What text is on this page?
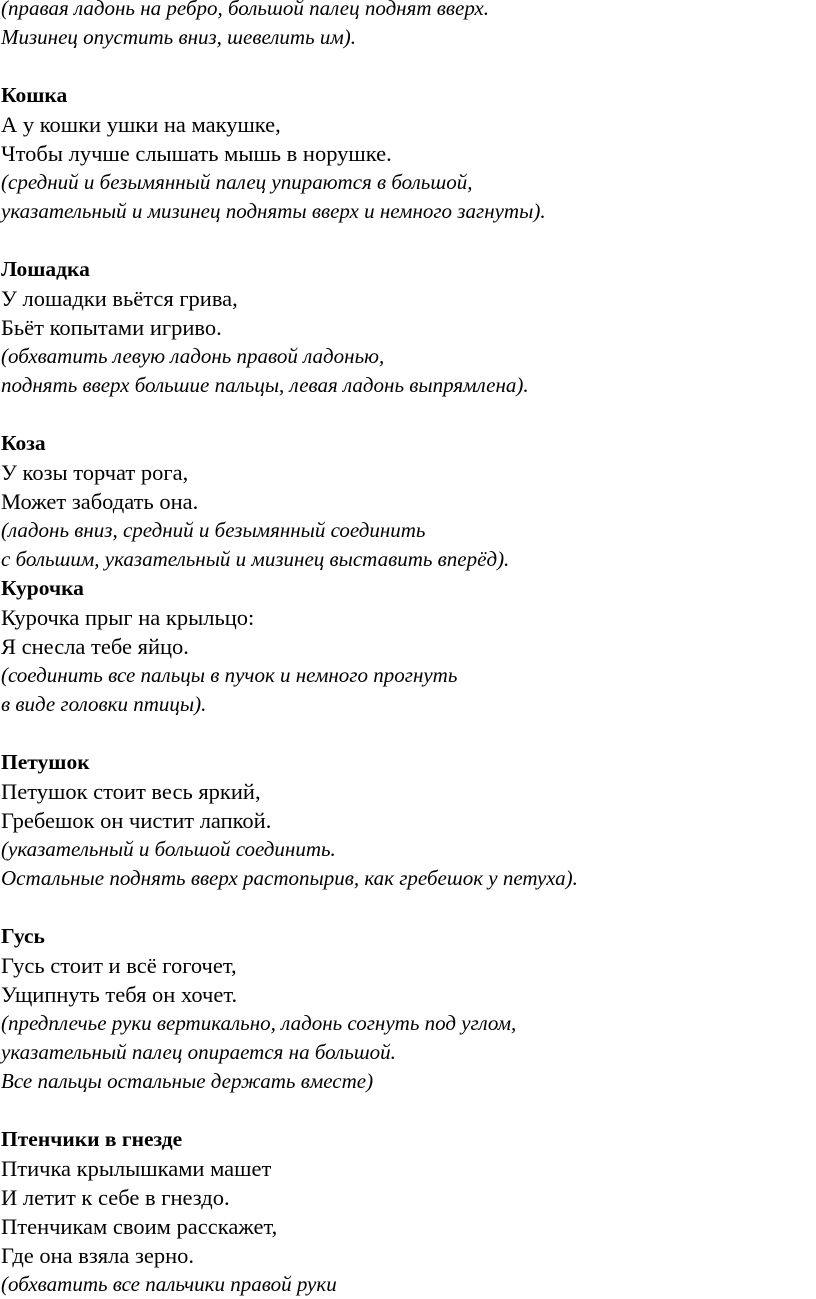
(правая ладонь на ребро, большой палец поднят вверх.
Мизинец опустить вниз, шевелить им).
Кошка
А у кошки ушки на макушке,
Чтобы лучше слышать мышь в норушке.
(средний и безымянный палец упираются в большой,
указательный и мизинец подняты вверх и немного загнуты).
Лошадка
У лошадки вьётся грива,
Бьёт копытами игриво.
(обхватить левую ладонь правой ладонью,
поднять вверх большие пальцы, левая ладонь выпрямлена).
Коза
У козы торчат рога,
Может забодать она.
(ладонь вниз, средний и безымянный соединить
с большим, указательный и мизинец выставить вперёд).
Курочка
Курочка прыг на крыльцо:
Я снесла тебе яйцо.
(соединить все пальцы в пучок и немного прогнуть
в виде головки птицы).
Петушок
Петушок стоит весь яркий,
Гребешок он чистит лапкой.
(указательный и большой соединить.
Остальные поднять вверх растопырив, как гребешок у петуха).
Гусь
Гусь стоит и всё гогочет,
Ущипнуть тебя он хочет.
(предплечье руки вертикально, ладонь согнуть под углом,
указательный палец опирается на большой.
Все пальцы остальные держать вместе)
Птенчики в гнезде
Птичка крылышками машет
И летит к себе в гнездо.
Птенчикам своим расскажет,
Где она взяла зерно.
(обхватить все пальчики правой руки
